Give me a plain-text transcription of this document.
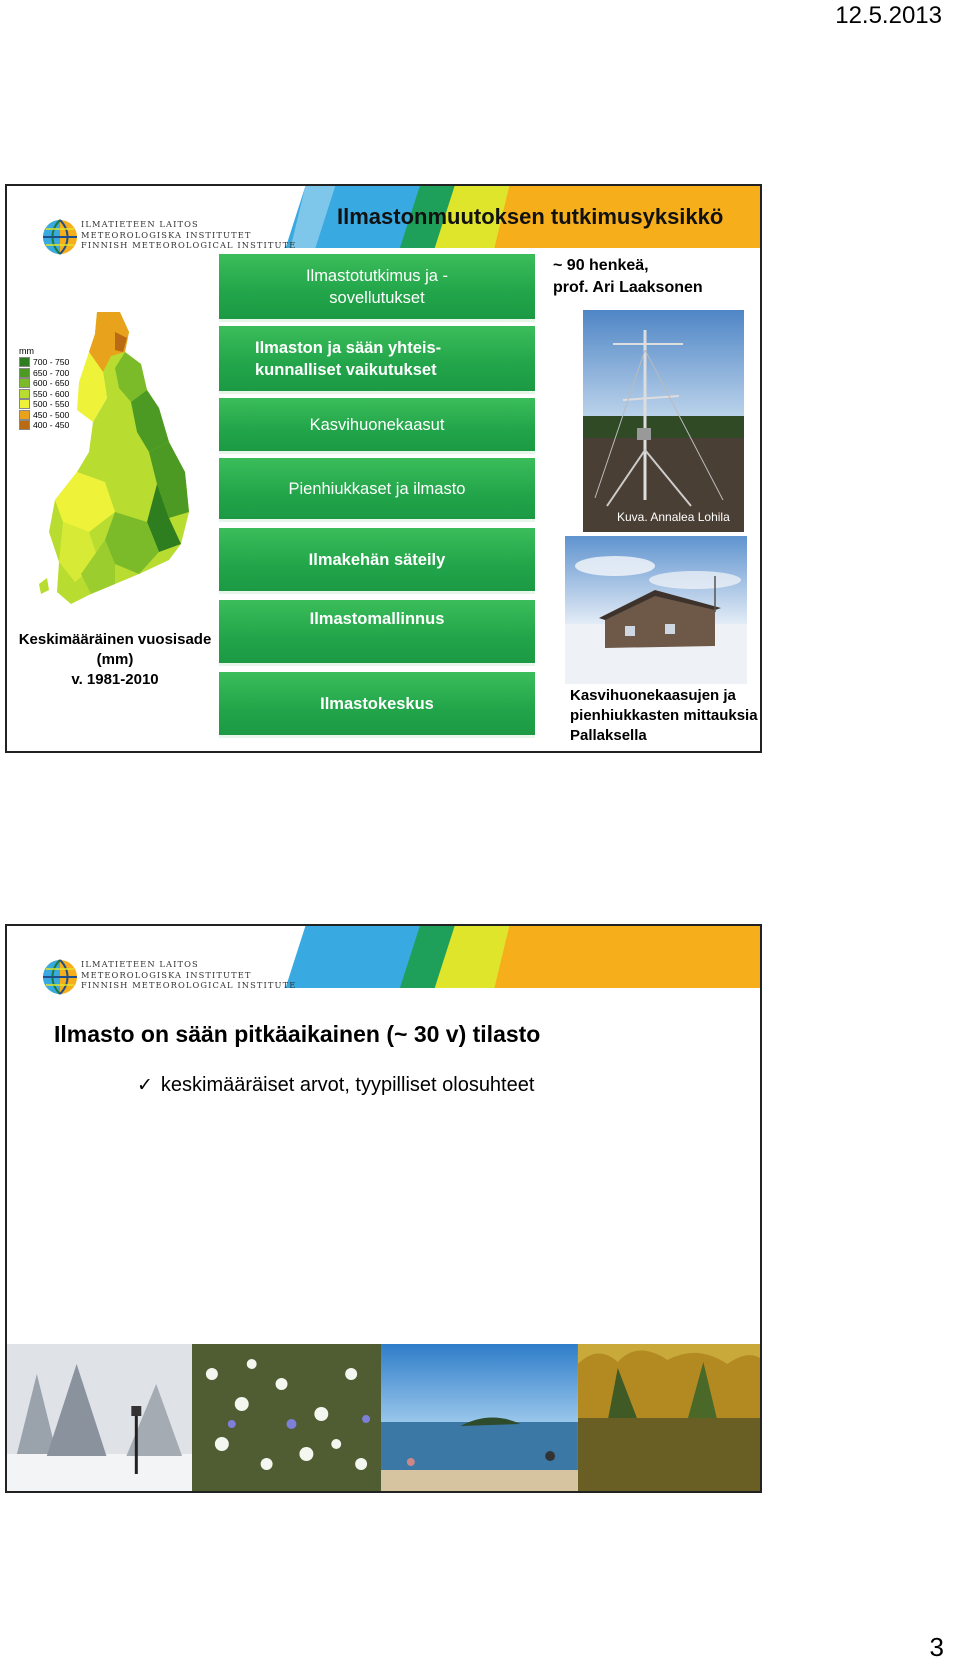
12.5.2013
Ilmastonmuutoksen tutkimusyksikkö
ILMATIETEEN LAITOS
METEOROLOGISKA INSTITUTET
FINNISH METEOROLOGICAL INSTITUTE
mm
700 - 750
650 - 700
600 - 650
550 - 600
500 - 550
450 - 500
400 - 450
Keskimääräinen vuosisade
(mm)
v. 1981-2010
Ilmastotutkimus ja -sovellutukset
Ilmaston ja sään yhteis-kunnalliset vaikutukset
Kasvihuonekaasut
Pienhiukkaset ja ilmasto
Ilmakehän säteily
Ilmastomallinnus
Ilmastokeskus
~ 90 henkeä,
prof. Ari Laaksonen
Kuva. Annalea Lohila
Kasvihuonekaasujen ja
pienhiukkasten mittauksia
Pallaksella
ILMATIETEEN LAITOS
METEOROLOGISKA INSTITUTET
FINNISH METEOROLOGICAL INSTITUTE
Ilmasto on sään pitkäaikainen (~ 30 v) tilasto
✓ keskimääräiset arvot, tyypilliset olosuhteet
3
